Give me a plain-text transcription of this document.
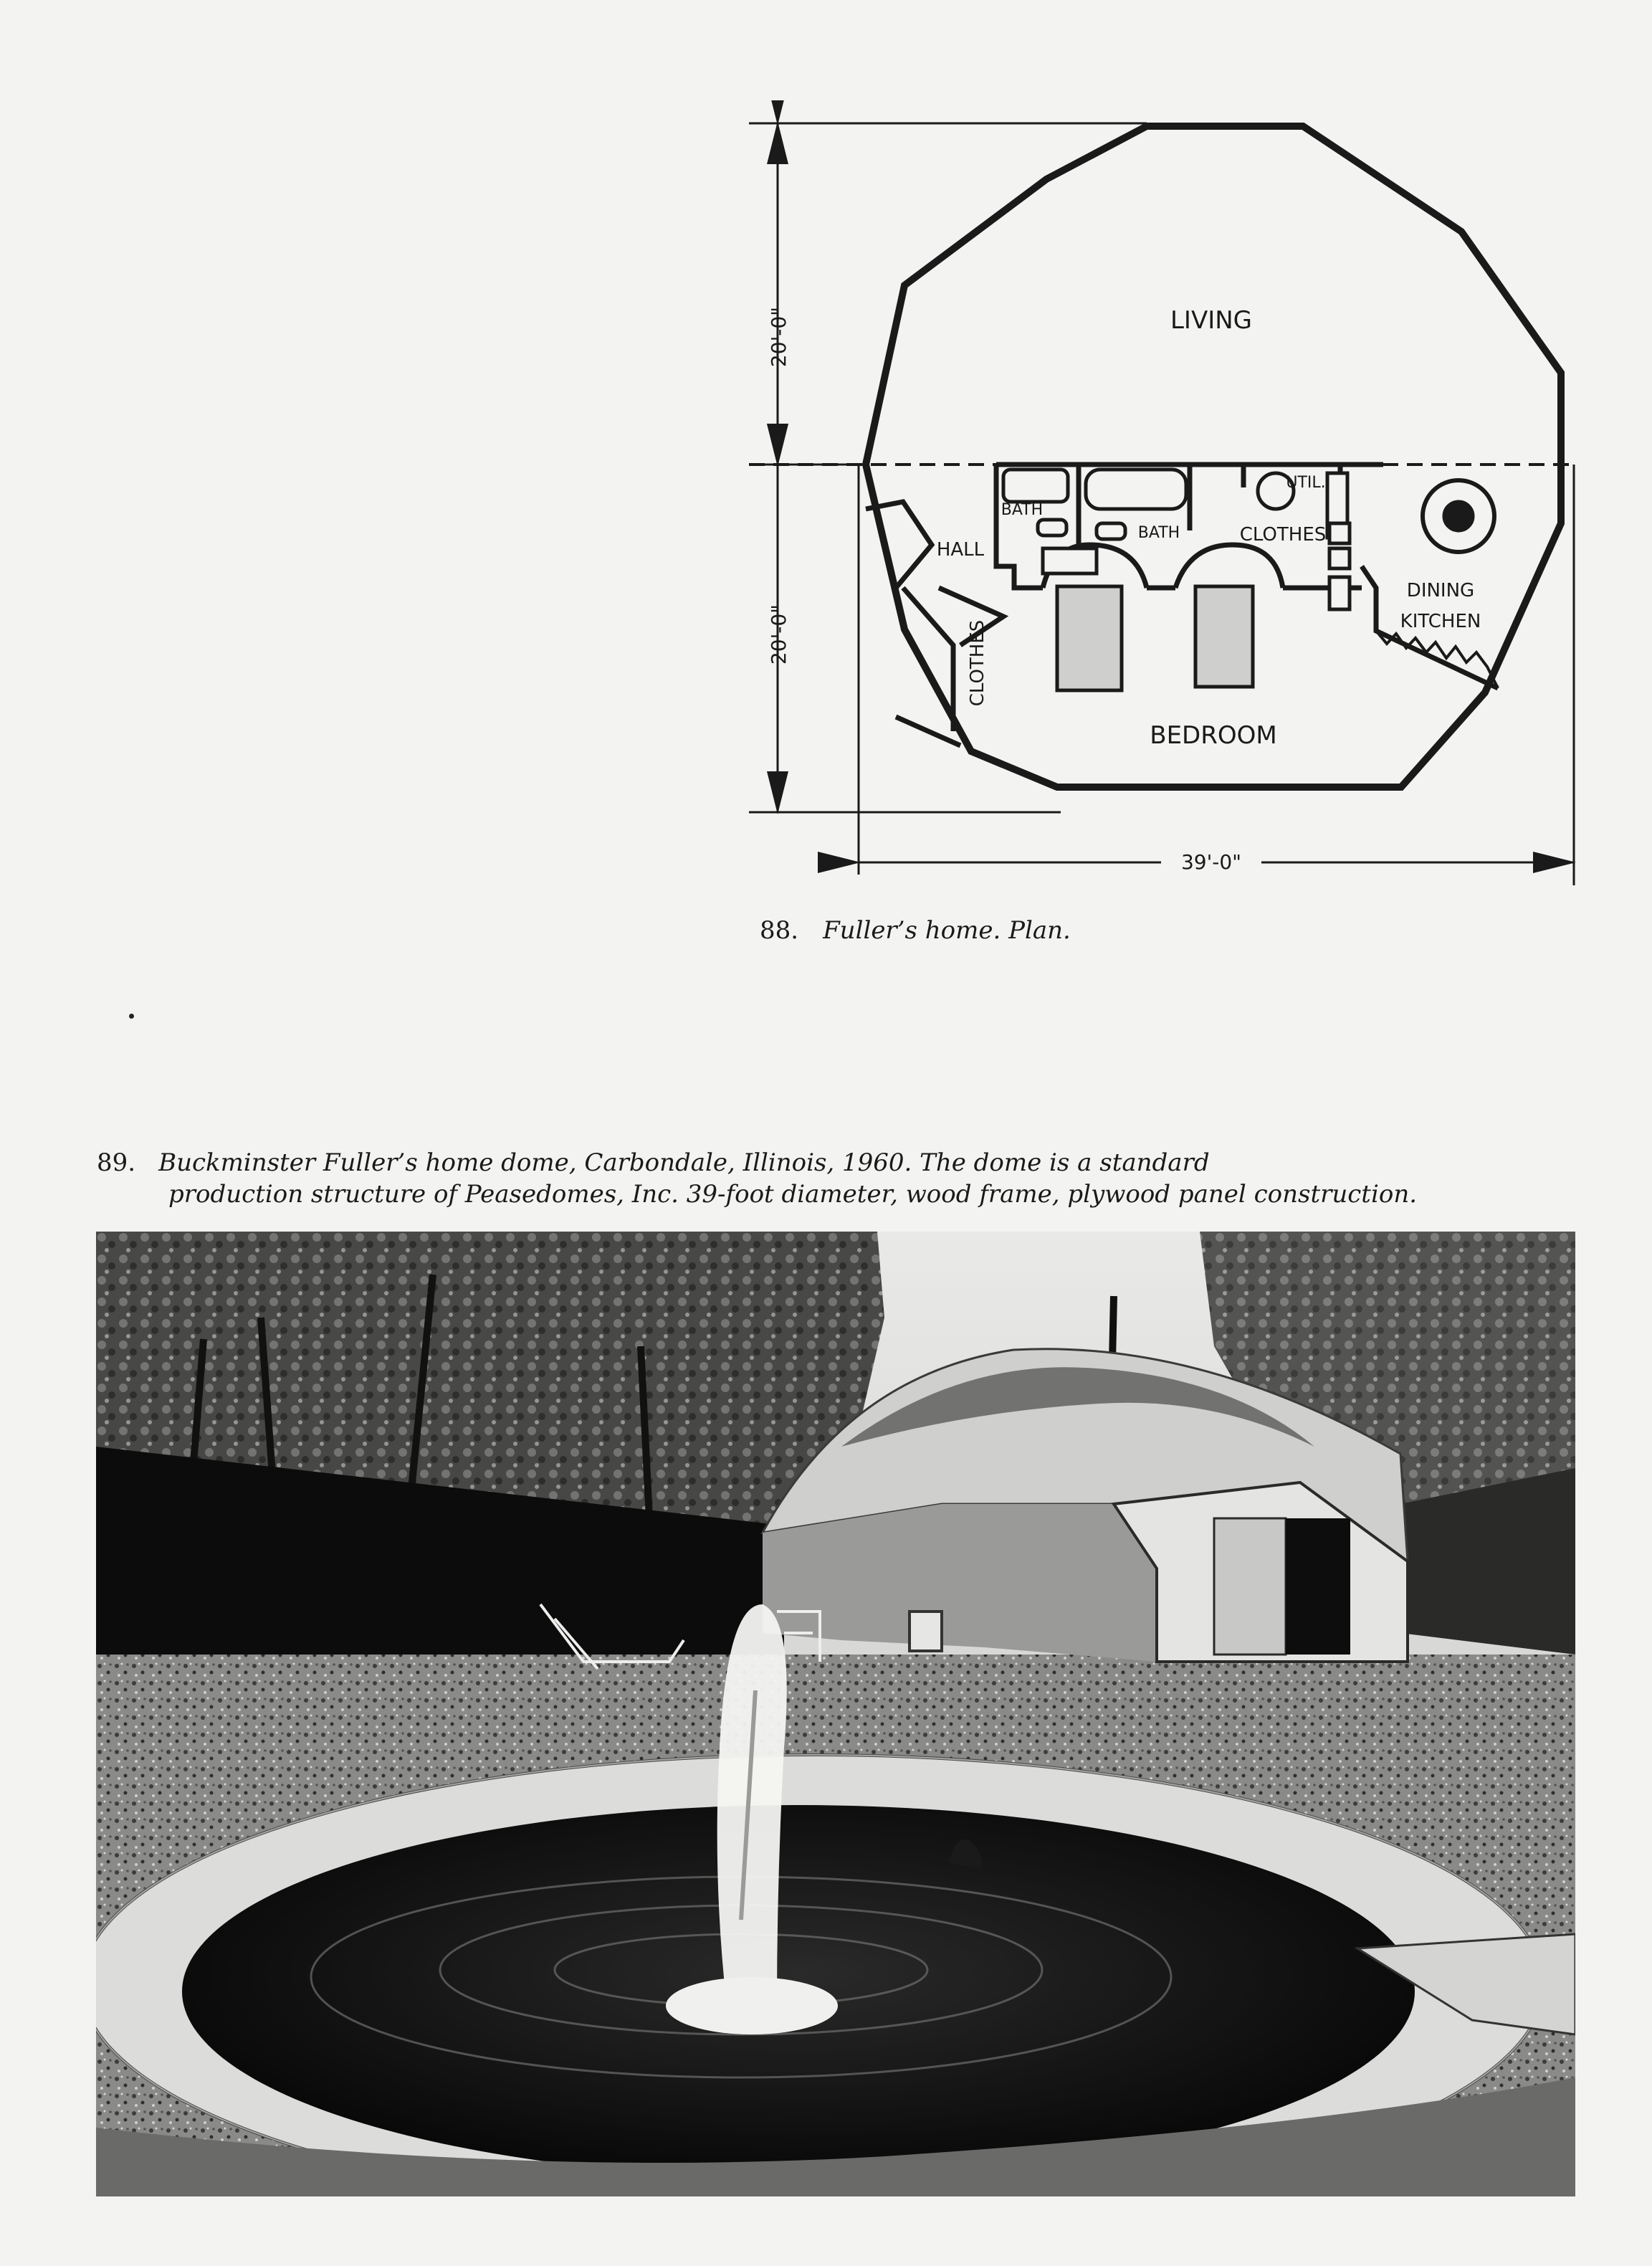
20'-0"
20'-0"
39'-0"
LIVING
BATH
BATH
UTIL.
CLOTHES
HALL
CLOTHES
DINING
KITCHEN
BEDROOM
88. Fuller’s home. Plan.
89. Buckminster Fuller’s home dome, Carbondale, Illinois, 1960. The dome is a standard
production structure of Peasedomes, Inc. 39-foot diameter, wood frame, plywood panel construction.
